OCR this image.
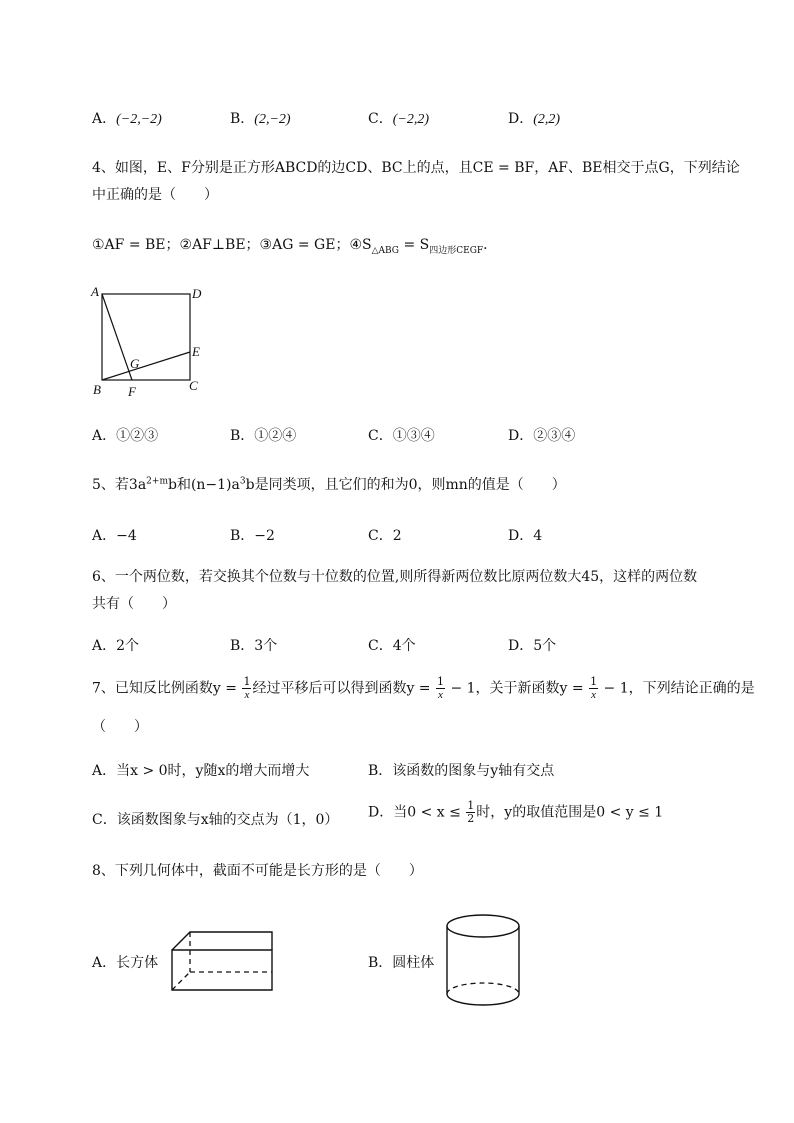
A．(−2,−2)	B．(2,−2)	C．(−2,2)	D．(2,2)
4、如图，E、F分别是正方形ABCD的边CD、BC上的点，且CE = BF，AF、BE相交于点G，下列结论
中正确的是（　　）
①AF = BE；②AF⊥BE；③AG = GE；$④S_{\triangle ABG} = S_{四边形CEGF}$．
A	D
E
G
B F	C
A．①②③	B．①②④	C．①③④	D．②③④
5、若$3a^{2+m}b$和$(n-1)a^3b$是同类项，且它们的和为0，则mn的值是（　　）
A．−4	B．−2	C．2	D．4
6、一个两位数，若交换其个位数与十位数的位置,则所得新两位数比原两位数大45，这样的两位数
共有（　　）
A．2个	B．3个	C．4个	D．5个
7、已知反比例函数$y = \frac{1}{x}$ 经过平移后可以得到函数$y = \frac{1}{x} - 1$，关于新函数$y = \frac{1}{x} - 1$，下列结论正确的是
（　　）
A．当x > 0时，y随x的增大而增大	B．该函数的图象与y轴有交点
C．该函数图象与x轴的交点为（1，0） D．当$0 < x \le \frac{1}{2}$ 时，y的取值范围是0 < y ≤ 1
8、下列几何体中，截面不可能是长方形的是（　　）
A．长方体	B．圆柱体
